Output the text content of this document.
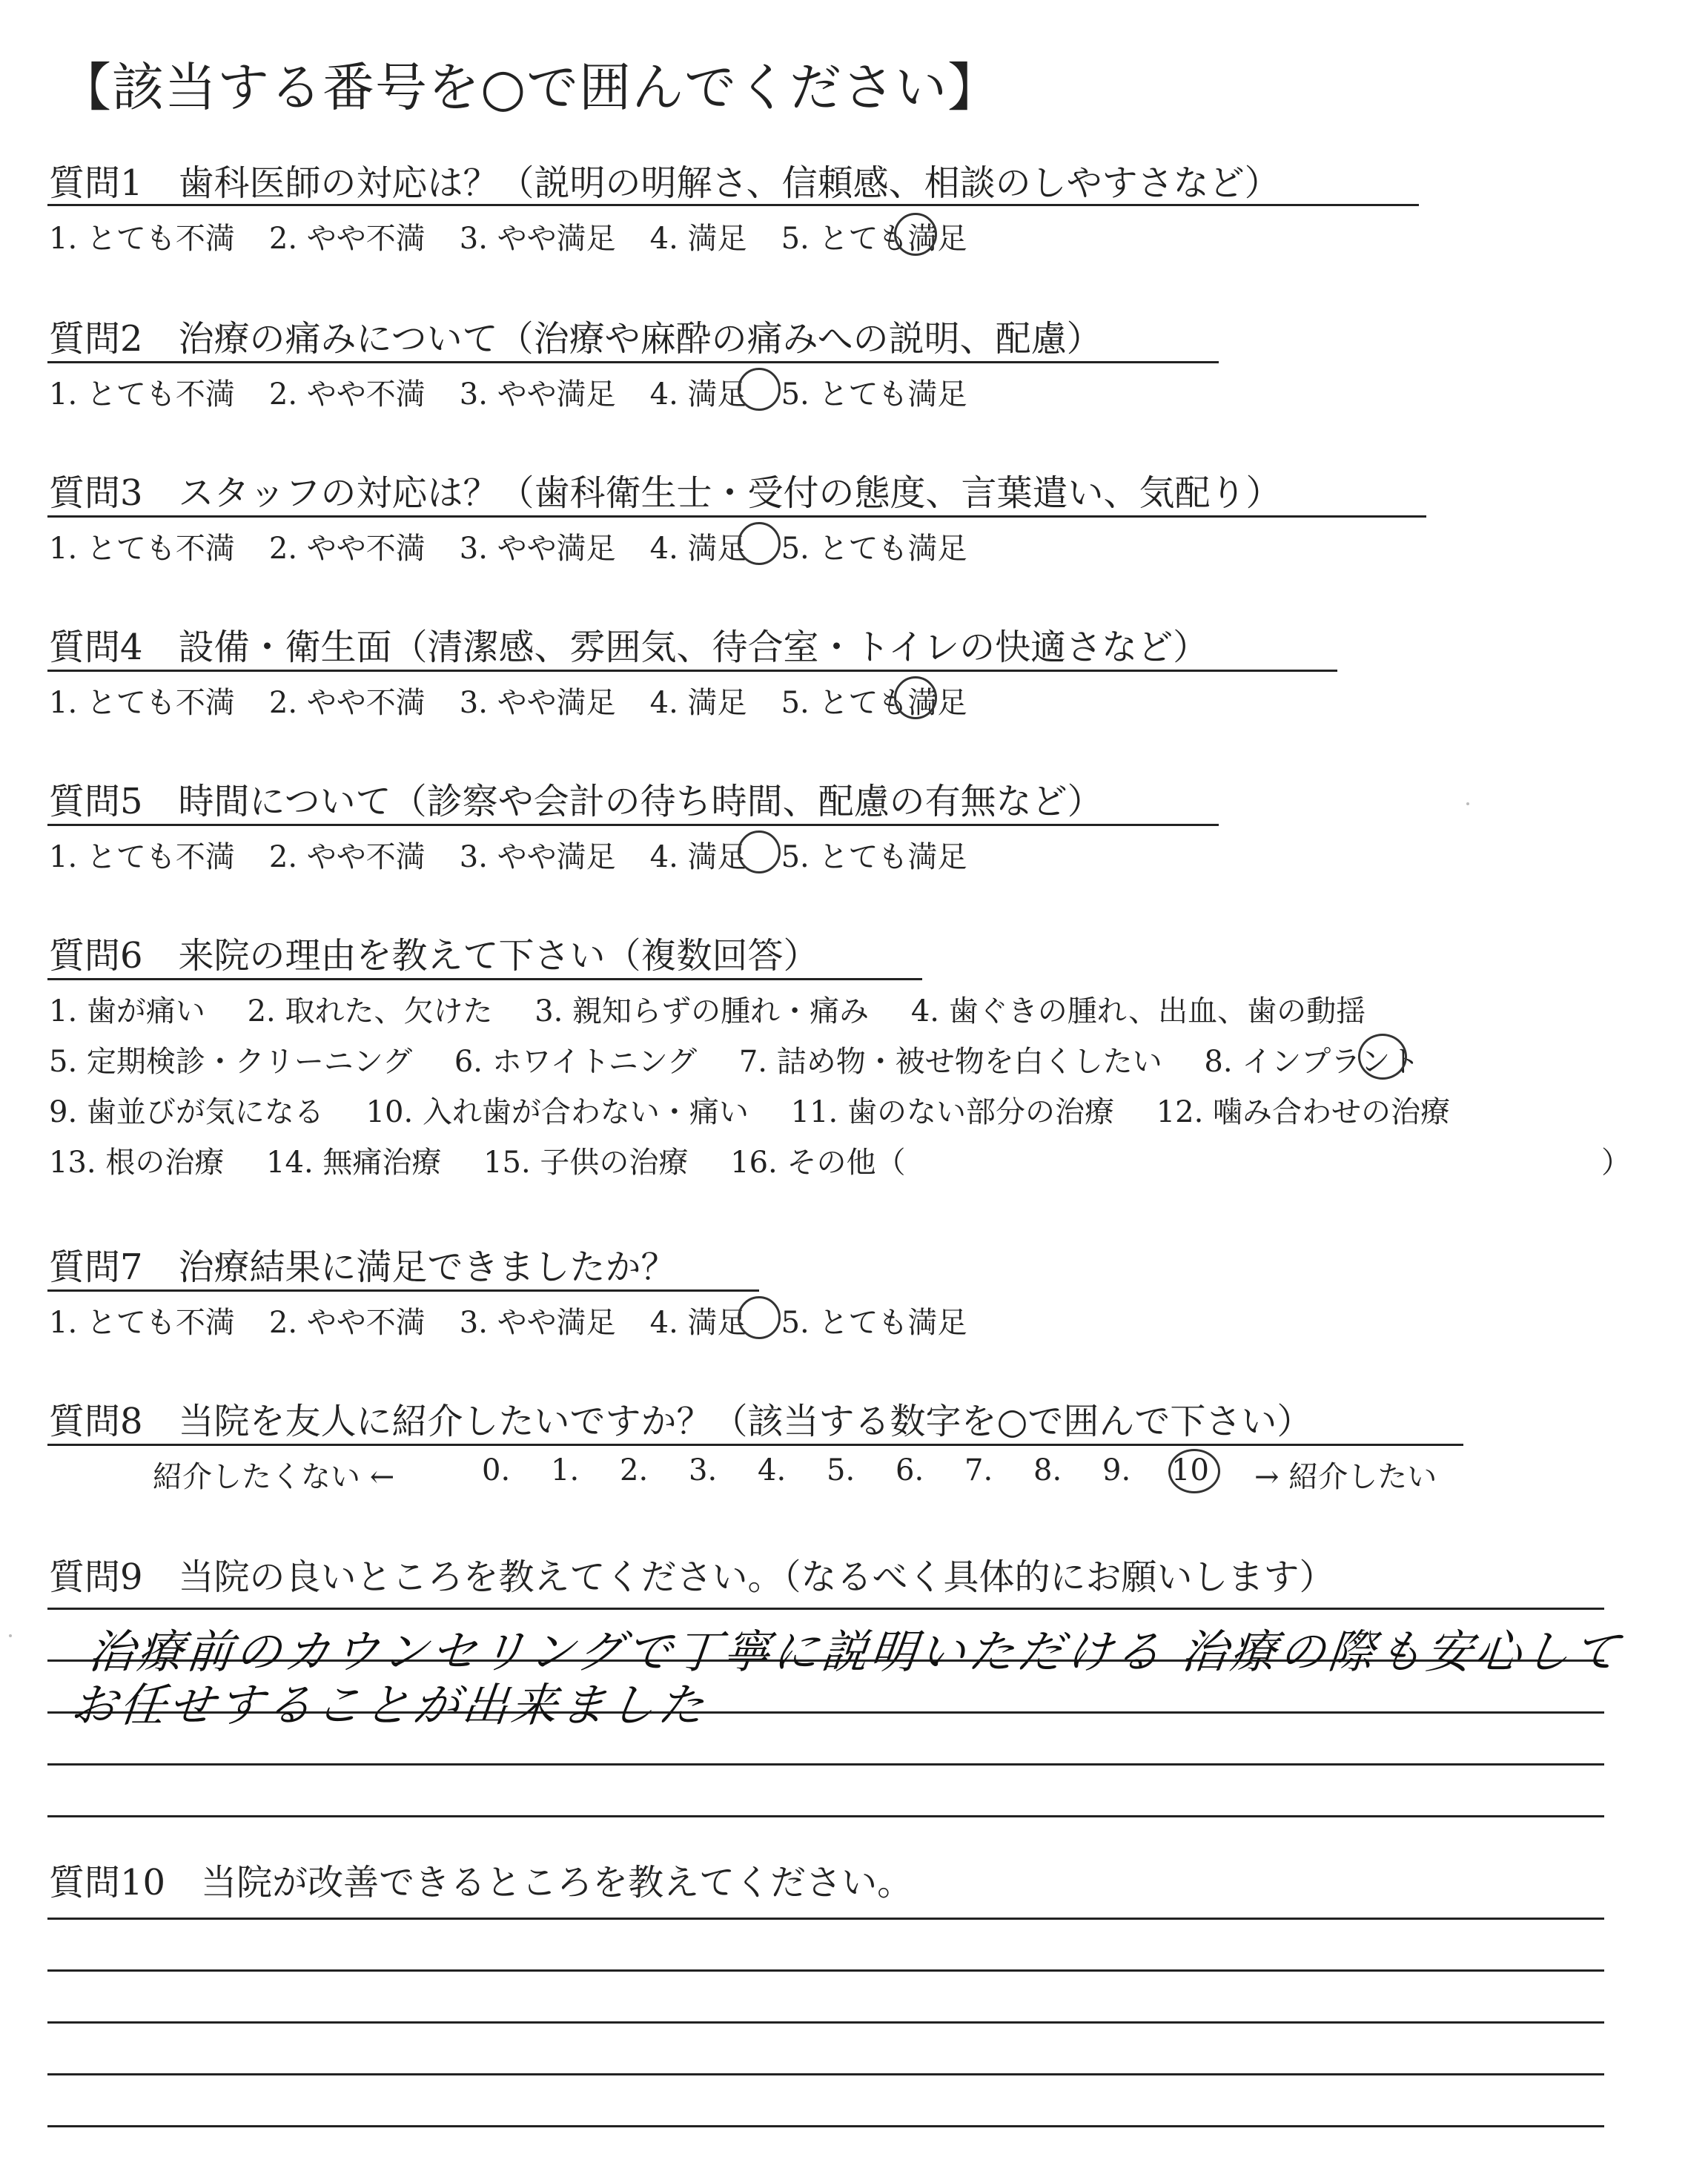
【該当する番号を○で囲んでください】
質問1　歯科医師の対応は？（説明の明解さ、信頼感、相談のしやすさなど）
1. とても不満 2. やや不満 3. やや満足 4. 満足 5. とても満足
質問2　治療の痛みについて（治療や麻酔の痛みへの説明、配慮）
1. とても不満 2. やや不満 3. やや満足 4. 満足 5. とても満足
質問3　スタッフの対応は？（歯科衛生士・受付の態度、言葉遣い、気配り）
1. とても不満 2. やや不満 3. やや満足 4. 満足 5. とても満足
質問4　設備・衛生面（清潔感、雰囲気、待合室・トイレの快適さなど）
1. とても不満 2. やや不満 3. やや満足 4. 満足 5. とても満足
質問5　時間について（診察や会計の待ち時間、配慮の有無など）
1. とても不満 2. やや不満 3. やや満足 4. 満足 5. とても満足
質問6　来院の理由を教えて下さい（複数回答）
1. 歯が痛い 2. 取れた、欠けた 3. 親知らずの腫れ・痛み 4. 歯ぐきの腫れ、出血、歯の動揺
5. 定期検診・クリーニング 6. ホワイトニング 7. 詰め物・被せ物を白くしたい 8. インプラント
9. 歯並びが気になる 10. 入れ歯が合わない・痛い 11. 歯のない部分の治療 12. 噛み合わせの治療
13. 根の治療 14. 無痛治療 15. 子供の治療 16. その他（	）
質問7　治療結果に満足できましたか？
1. とても不満 2. やや不満 3. やや満足 4. 満足 5. とても満足
質問8　当院を友人に紹介したいですか？（該当する数字を○で囲んで下さい）
紹介したくない ←	0.	1.	2.	3.	4.	5.	6.	7.	8.	9.	10	→ 紹介したい
質問9　当院の良いところを教えてください。（なるべく具体的にお願いします）
治療前のカウンセリングで丁寧に説明いただける 治療の際も安心して
お任せすることが出来ました
質問10　当院が改善できるところを教えてください。
